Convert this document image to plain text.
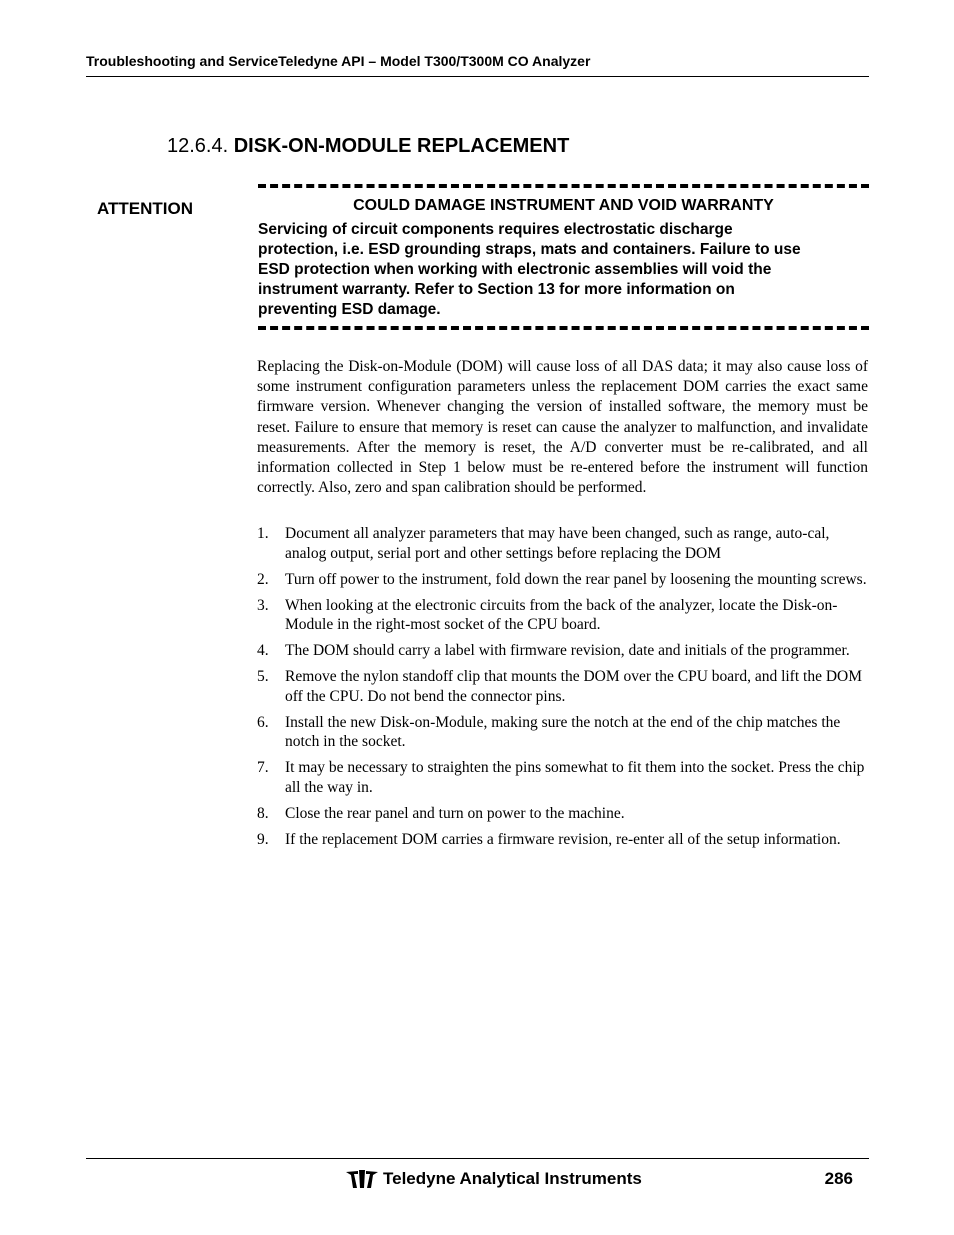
Troubleshooting and ServiceTeledyne API – Model T300/T300M CO Analyzer
12.6.4. DISK-ON-MODULE REPLACEMENT
ATTENTION	COULD DAMAGE INSTRUMENT AND VOID WARRANTY
Servicing of circuit components requires electrostatic discharge
protection, i.e. ESD grounding straps, mats and containers. Failure to use
ESD protection when working with electronic assemblies will void the
instrument warranty. Refer to Section 13 for more information on
preventing ESD damage.
Replacing the Disk-on-Module (DOM) will cause loss of all DAS data; it may also cause loss of some instrument configuration parameters unless the replacement DOM carries the exact same firmware version. Whenever changing the version of installed software, the memory must be reset. Failure to ensure that memory is reset can cause the analyzer to malfunction, and invalidate measurements. After the memory is reset, the A/D converter must be re-calibrated, and all information collected in Step 1 below must be re-entered before the instrument will function correctly. Also, zero and span calibration should be performed.
1. Document all analyzer parameters that may have been changed, such as range, auto-cal, analog output, serial port and other settings before replacing the DOM
2. Turn off power to the instrument, fold down the rear panel by loosening the mounting screws.
3. When looking at the electronic circuits from the back of the analyzer, locate the Disk-on-Module in the right-most socket of the CPU board.
4. The DOM should carry a label with firmware revision, date and initials of the programmer.
5. Remove the nylon standoff clip that mounts the DOM over the CPU board, and lift the DOM off the CPU. Do not bend the connector pins.
6. Install the new Disk-on-Module, making sure the notch at the end of the chip matches the notch in the socket.
7. It may be necessary to straighten the pins somewhat to fit them into the socket. Press the chip all the way in.
8. Close the rear panel and turn on power to the machine.
9. If the replacement DOM carries a firmware revision, re-enter all of the setup information.
Teledyne Analytical Instruments	286
